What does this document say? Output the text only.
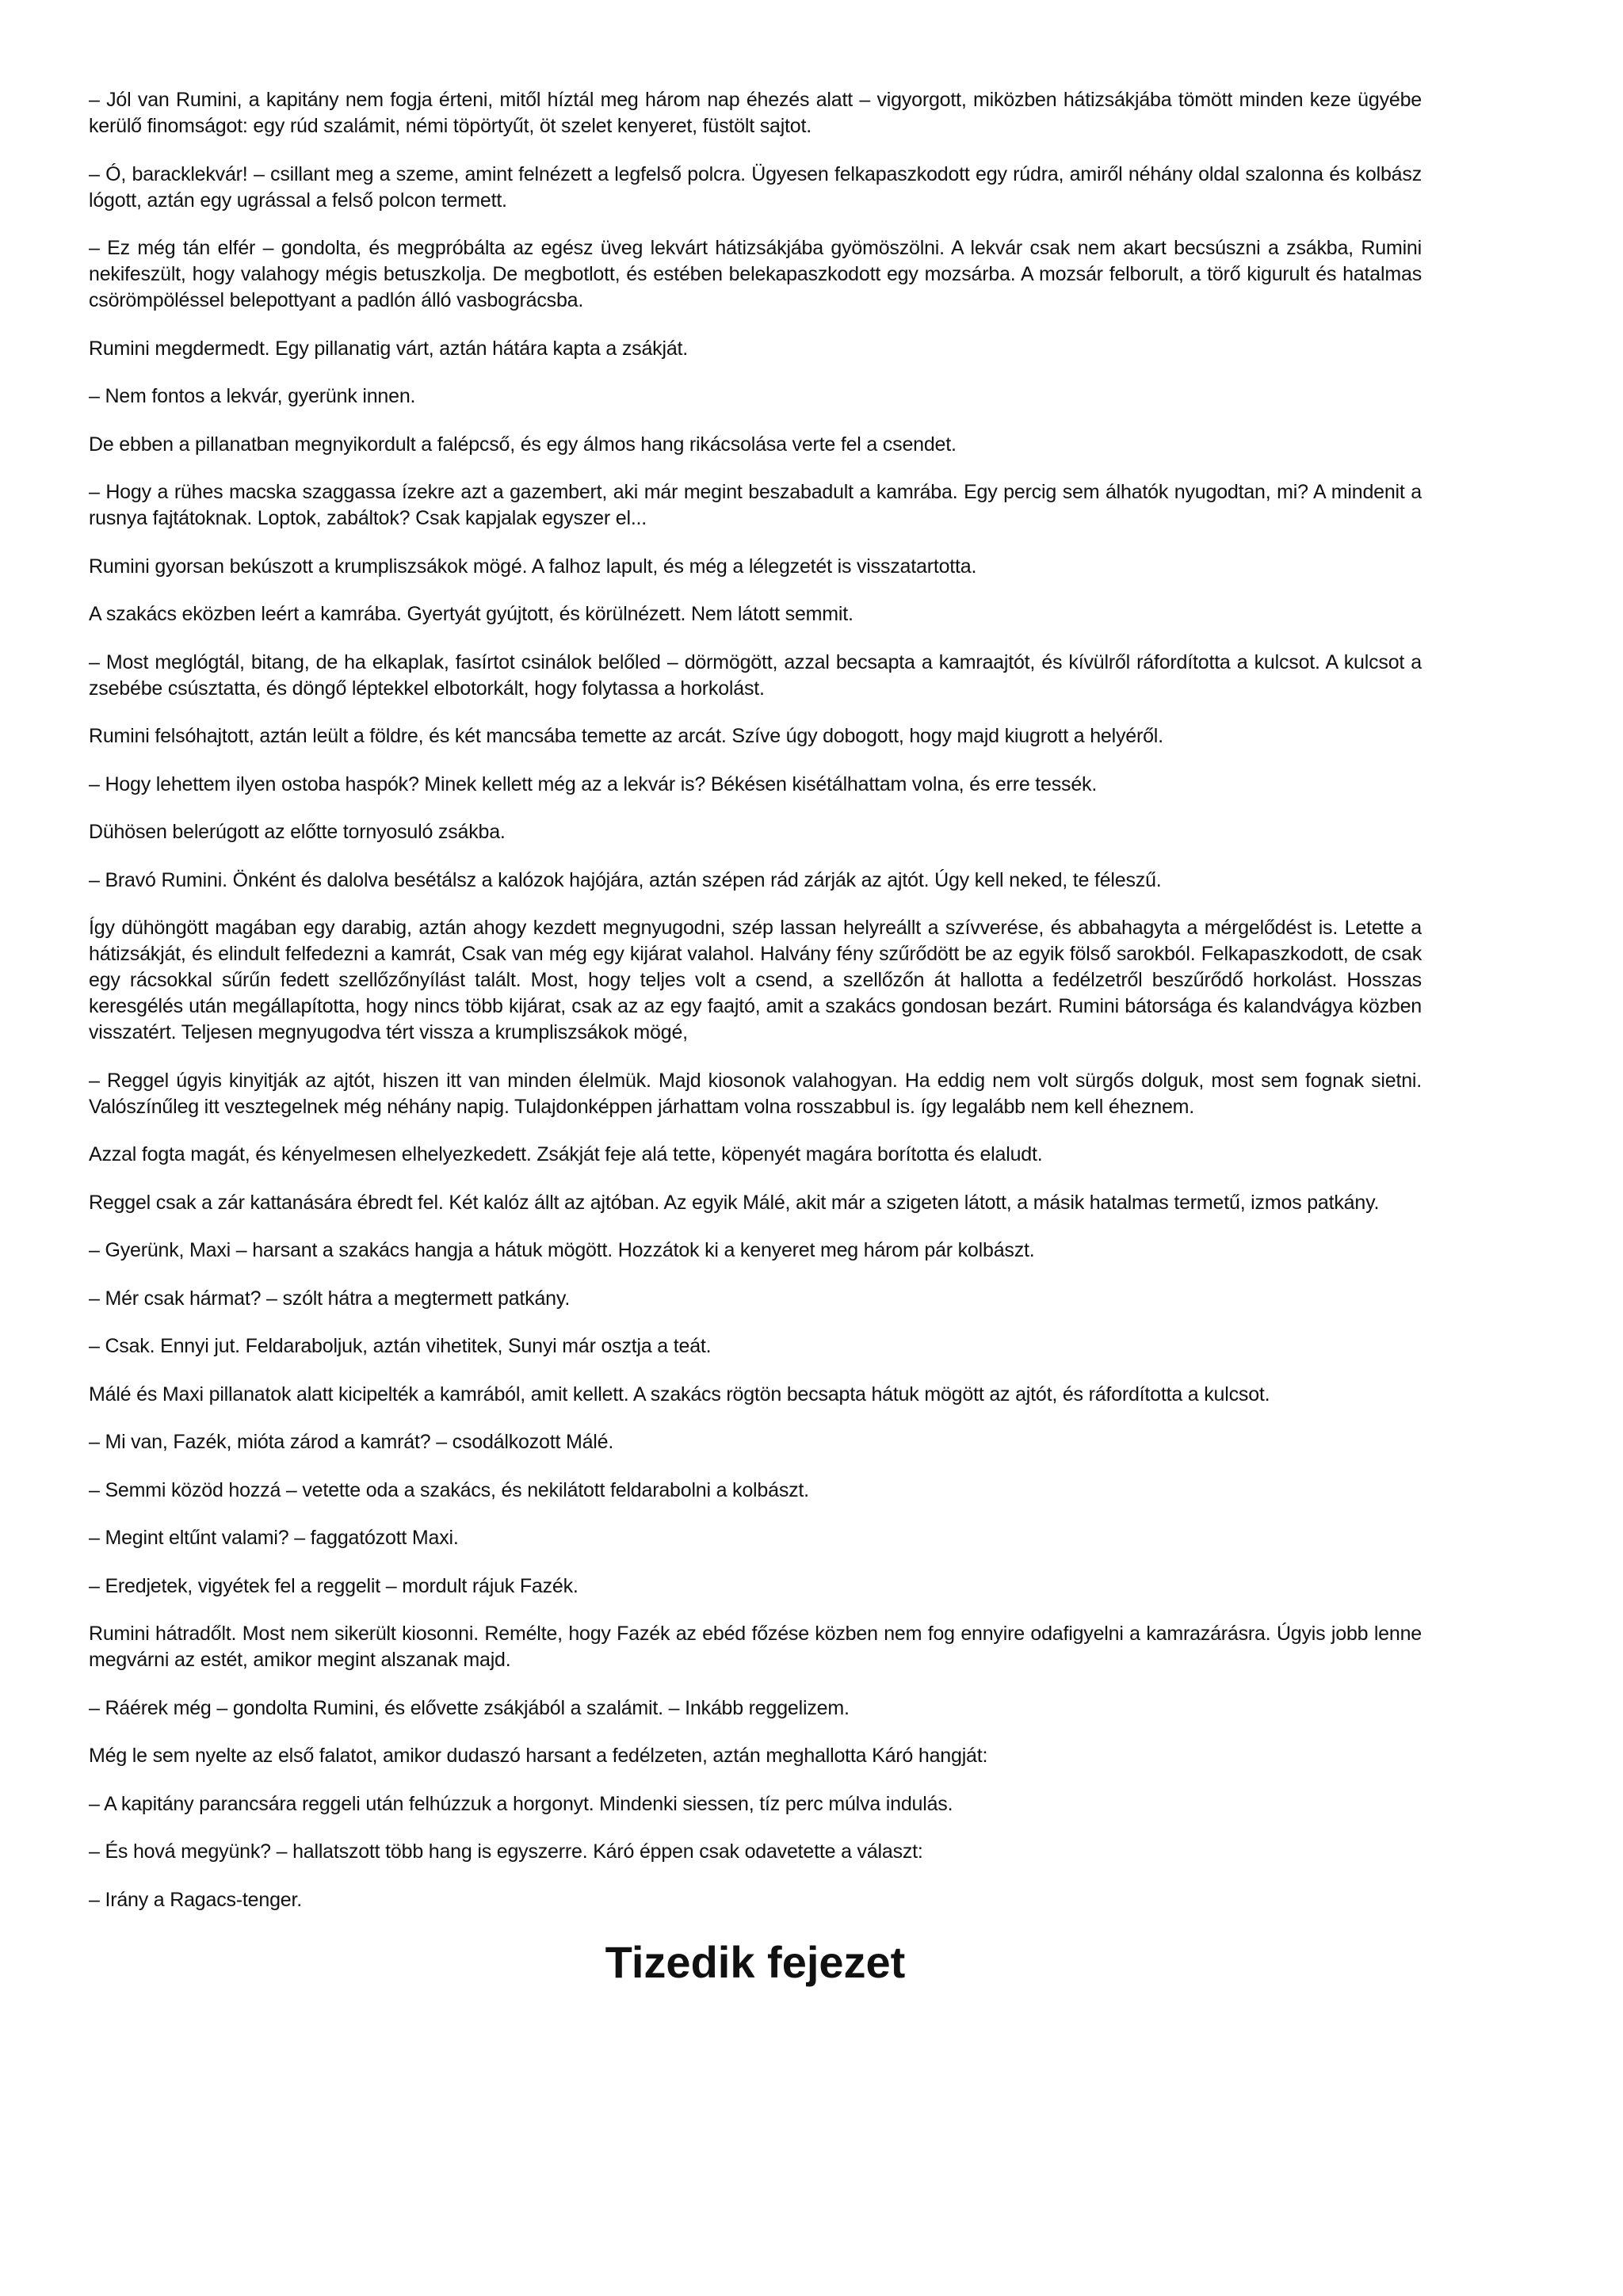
– Jól van Rumini, a kapitány nem fogja érteni, mitől híztál meg három nap éhezés alatt – vigyorgott, miközben hátizsákjába tömött minden keze ügyébe kerülő finomságot: egy rúd szalámit, némi töpörtyűt, öt szelet kenyeret, füstölt sajtot.

– Ó, baracklekvár! – csillant meg a szeme, amint felnézett a legfelső polcra. Ügyesen felkapaszkodott egy rúdra, amiről néhány oldal szalonna és kolbász lógott, aztán egy ugrással a felső polcon termett.

– Ez még tán elfér – gondolta, és megpróbálta az egész üveg lekvárt hátizsákjába gyömöszölni. A lekvár csak nem akart becsúszni a zsákba, Rumini nekifeszült, hogy valahogy mégis betuszkolja. De megbotlott, és estében belekapaszkodott egy mozsárba. A mozsár felborult, a törő kigurult és hatalmas csörömpöléssel belepottyant a padlón álló vasbográcsba.

Rumini megdermedt. Egy pillanatig várt, aztán hátára kapta a zsákját.

– Nem fontos a lekvár, gyerünk innen.

De ebben a pillanatban megnyikordult a falépcső, és egy álmos hang rikácsolása verte fel a csendet.

– Hogy a rühes macska szaggassa ízekre azt a gazembert, aki már megint beszabadult a kamrába. Egy percig sem álhatók nyugodtan, mi? A mindenit a rusnya fajtátoknak. Loptok, zabáltok? Csak kapjalak egyszer el...

Rumini gyorsan bekúszott a krumpliszsákok mögé. A falhoz lapult, és még a lélegzetét is visszatartotta.

A szakács eközben leért a kamrába. Gyertyát gyújtott, és körülnézett. Nem látott semmit.

– Most meglógtál, bitang, de ha elkaplak, fasírtot csinálok belőled – dörmögött, azzal becsapta a kamraajtót, és kívülről ráfordította a kulcsot. A kulcsot a zsebébe csúsztatta, és döngő léptekkel elbotorkált, hogy folytassa a horkolást.

Rumini felsóhajtott, aztán leült a földre, és két mancsába temette az arcát. Szíve úgy dobogott, hogy majd kiugrott a helyéről.

– Hogy lehettem ilyen ostoba haspók? Minek kellett még az a lekvár is? Békésen kisétálhattam volna, és erre tessék.

Dühösen belerúgott az előtte tornyosuló zsákba.

– Bravó Rumini. Önként és dalolva besétálsz a kalózok hajójára, aztán szépen rád zárják az ajtót. Úgy kell neked, te féleszű.

Így dühöngött magában egy darabig, aztán ahogy kezdett megnyugodni, szép lassan helyreállt a szívverése, és abbahagyta a mérgelődést is. Letette a hátizsákját, és elindult felfedezni a kamrát, Csak van még egy kijárat valahol. Halvány fény szűrődött be az egyik fölső sarokból. Felkapaszkodott, de csak egy rácsokkal sűrűn fedett szellőzőnyílást talált. Most, hogy teljes volt a csend, a szellőzőn át hallotta a fedélzetről beszűrődő horkolást. Hosszas keresgélés után megállapította, hogy nincs több kijárat, csak az az egy faajtó, amit a szakács gondosan bezárt. Rumini bátorsága és kalandvágya közben visszatért. Teljesen megnyugodva tért vissza a krumpliszsákok mögé,

– Reggel úgyis kinyitják az ajtót, hiszen itt van minden élelmük. Majd kiosonok valahogyan. Ha eddig nem volt sürgős dolguk, most sem fognak sietni. Valószínűleg itt vesztegelnek még néhány napig. Tulajdonképpen járhattam volna rosszabbul is. így legalább nem kell éheznem.

Azzal fogta magát, és kényelmesen elhelyezkedett. Zsákját feje alá tette, köpenyét magára borította és elaludt.

Reggel csak a zár kattanására ébredt fel. Két kalóz állt az ajtóban. Az egyik Málé, akit már a szigeten látott, a másik hatalmas termetű, izmos patkány.

– Gyerünk, Maxi – harsant a szakács hangja a hátuk mögött. Hozzátok ki a kenyeret meg három pár kolbászt.

– Mér csak hármat? – szólt hátra a megtermett patkány.

– Csak. Ennyi jut. Feldaraboljuk, aztán vihetitek, Sunyi már osztja a teát.

Málé és Maxi pillanatok alatt kicipelték a kamrából, amit kellett. A szakács rögtön becsapta hátuk mögött az ajtót, és ráfordította a kulcsot.

– Mi van, Fazék, mióta zárod a kamrát? – csodálkozott Málé.

– Semmi közöd hozzá – vetette oda a szakács, és nekilátott feldarabolni a kolbászt.

– Megint eltűnt valami? – faggatózott Maxi.

– Eredjetek, vigyétek fel a reggelit – mordult rájuk Fazék.

Rumini hátradőlt. Most nem sikerült kiosonni. Remélte, hogy Fazék az ebéd főzése közben nem fog ennyire odafigyelni a kamrazárásra. Úgyis jobb lenne megvárni az estét, amikor megint alszanak majd.

– Ráérek még – gondolta Rumini, és elővette zsákjából a szalámit. – Inkább reggelizem.

Még le sem nyelte az első falatot, amikor dudaszó harsant a fedélzeten, aztán meghallotta Káró hangját:

– A kapitány parancsára reggeli után felhúzzuk a horgonyt. Mindenki siessen, tíz perc múlva indulás.

– És hová megyünk? – hallatszott több hang is egyszerre. Káró éppen csak odavetette a választ:

– Irány a Ragacs-tenger.

Tizedik fejezet
